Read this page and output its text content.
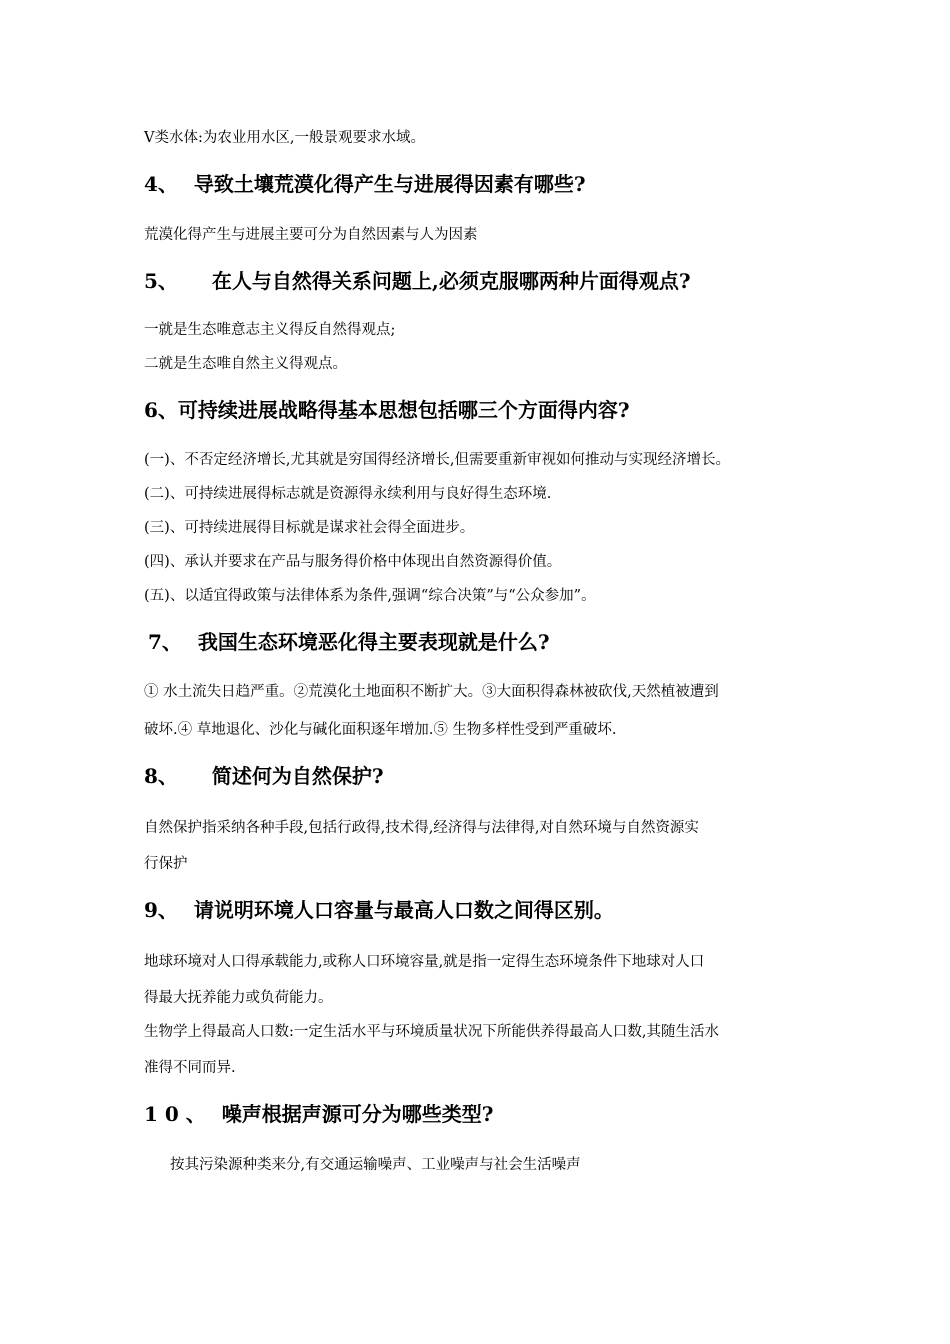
V类水体:为农业用水区,一般景观要求水域。
4、 导致土壤荒漠化得产生与进展得因素有哪些?
荒漠化得产生与进展主要可分为自然因素与人为因素
5、 在人与自然得关系问题上,必须克服哪两种片面得观点?
一就是生态唯意志主义得反自然得观点;
二就是生态唯自然主义得观点。
6、可持续进展战略得基本思想包括哪三个方面得内容?
(一)、不否定经济增长,尤其就是穷国得经济增长,但需要重新审视如何推动与实现经济增长。
(二)、可持续进展得标志就是资源得永续利用与良好得生态环境.
(三)、可持续进展得目标就是谋求社会得全面进步。
(四)、承认并要求在产品与服务得价格中体现出自然资源得价值。
(五)、以适宜得政策与法律体系为条件,强调“综合决策”与“公众参加”。
7、 我国生态环境恶化得主要表现就是什么?
① 水土流失日趋严重。②荒漠化土地面积不断扩大。③大面积得森林被砍伐,天然植被遭到
破坏.④ 草地退化、沙化与碱化面积逐年增加.⑤ 生物多样性受到严重破坏.
8、 简述何为自然保护?
自然保护指采纳各种手段,包括行政得,技术得,经济得与法律得,对自然环境与自然资源实
行保护
9、 请说明环境人口容量与最高人口数之间得区别。
地球环境对人口得承载能力,或称人口环境容量,就是指一定得生态环境条件下地球对人口
得最大抚养能力或负荷能力。
生物学上得最高人口数:一定生活水平与环境质量状况下所能供养得最高人口数,其随生活水
准得不同而异.
1 0 、 噪声根据声源可分为哪些类型?
按其污染源种类来分,有交通运输噪声、工业噪声与社会生活噪声
